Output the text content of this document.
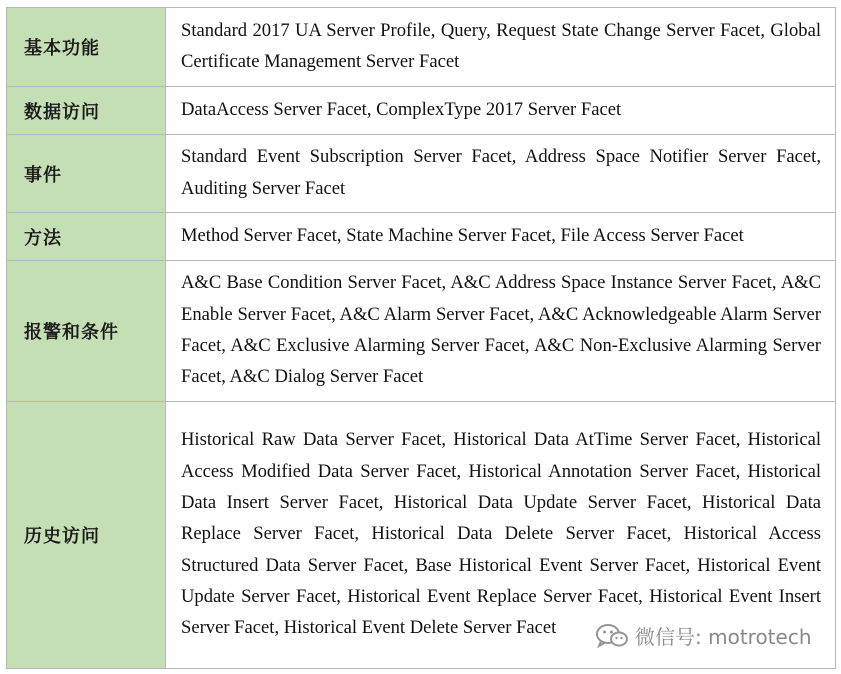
基本功能	Standard 2017 UA Server Profile, Query, Request State Change Server Facet, Global Certificate Management Server Facet
数据访问	DataAccess Server Facet, ComplexType 2017 Server Facet
事件	Standard Event Subscription Server Facet, Address Space Notifier Server Facet, Auditing Server Facet
方法	Method Server Facet, State Machine Server Facet, File Access Server Facet
报警和条件	A&C Base Condition Server Facet, A&C Address Space Instance Server Facet, A&C Enable Server Facet, A&C Alarm Server Facet, A&C Acknowledgeable Alarm Server Facet, A&C Exclusive Alarming Server Facet, A&C Non-Exclusive Alarming Server Facet, A&C Dialog Server Facet
历史访问	Historical Raw Data Server Facet, Historical Data AtTime Server Facet, Historical Access Modified Data Server Facet, Historical Annotation Server Facet, Historical Data Insert Server Facet, Historical Data Update Server Facet, Historical Data Replace Server Facet, Historical Data Delete Server Facet, Historical Access Structured Data Server Facet, Base Historical Event Server Facet, Historical Event Update Server Facet, Historical Event Replace Server Facet, Historical Event Insert Server Facet, Historical Event Delete Server Facet	微信号: motrotech
